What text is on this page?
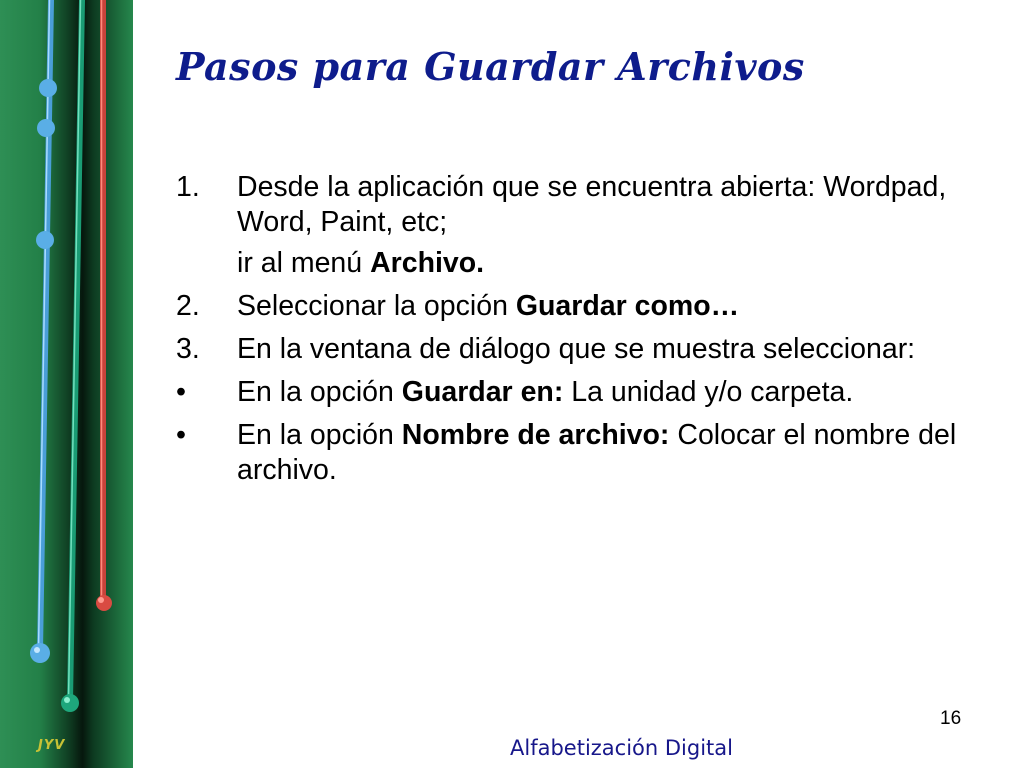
JYV
Pasos para Guardar Archivos
1.	Desde la aplicación que se encuentra abierta: Wordpad, Word, Paint, etc;
ir al menú Archivo.
2.	Seleccionar la opción Guardar como…
3.	En la ventana de diálogo que se muestra seleccionar:
•	En la opción Guardar en: La unidad y/o carpeta.
•	En la opción Nombre de archivo: Colocar el nombre del archivo.
16
Alfabetización Digital
